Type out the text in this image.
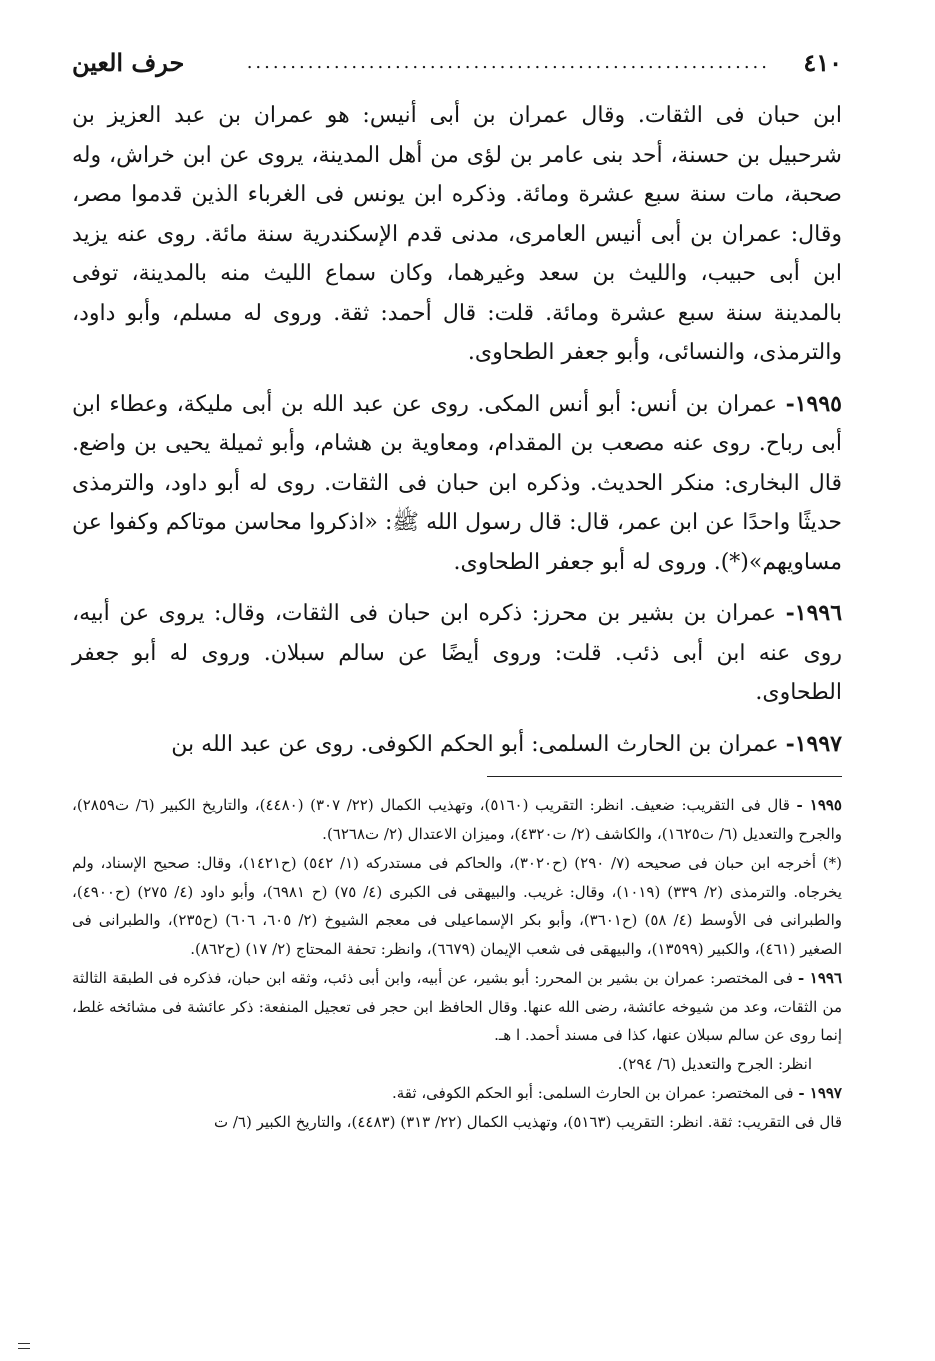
٤١٠
............................................................
حرف العين

ابن حبان فى الثقات. وقال عمران بن أبى أنيس: هو عمران بن عبد العزيز بن شرحبيل بن حسنة، أحد بنى عامر بن لؤى من أهل المدينة، يروى عن ابن خراش، وله صحبة، مات سنة سبع عشرة ومائة. وذكره ابن يونس فى الغرباء الذين قدموا مصر، وقال: عمران بن أبى أنيس العامرى، مدنى قدم الإسكندرية سنة مائة. روى عنه يزيد ابن أبى حبيب، والليث بن سعد وغيرهما، وكان سماع الليث منه بالمدينة، توفى بالمدينة سنة سبع عشرة ومائة. قلت: قال أحمد: ثقة. وروى له مسلم، وأبو داود، والترمذى، والنسائى، وأبو جعفر الطحاوى.

١٩٩٥- عمران بن أنس: أبو أنس المكى. روى عن عبد الله بن أبى مليكة، وعطاء ابن أبى رباح. روى عنه مصعب بن المقدام، ومعاوية بن هشام، وأبو ثميلة يحيى بن واضع. قال البخارى: منكر الحديث. وذكره ابن حبان فى الثقات. روى له أبو داود، والترمذى حديثًا واحدًا عن ابن عمر، قال: قال رسول الله ﷺ: «اذكروا محاسن موتاكم وكفوا عن مساويهم»(*). وروى له أبو جعفر الطحاوى.

١٩٩٦- عمران بن بشير بن محرز: ذكره ابن حبان فى الثقات، وقال: يروى عن أبيه، روى عنه ابن أبى ذئب. قلت: وروى أيضًا عن سالم سبلان. وروى له أبو جعفر الطحاوى.

١٩٩٧- عمران بن الحارث السلمى: أبو الحكم الكوفى. روى عن عبد الله بن

١٩٩٥ - قال فى التقريب: ضعيف. انظر: التقريب (٥١٦٠)، وتهذيب الكمال (٢٢/ ٣٠٧) (٤٤٨٠)، والتاريخ الكبير (٦/ ت٢٨٥٩)، والجرح والتعديل (٦/ ت١٦٢٥)، والكاشف (٢/ ت٤٣٢٠)، وميزان الاعتدال (٢/ ت٦٢٦٨).

(*) أخرجه ابن حبان فى صحيحه (٧/ ٢٩٠) (ح٣٠٢٠)، والحاكم فى مستدركه (١/ ٥٤٢) (ح١٤٢١)، وقال: صحيح الإسناد، ولم يخرجاه. والترمذى (٢/ ٣٣٩) (١٠١٩)، وقال: غريب. والبيهقى فى الكبرى (٤/ ٧٥) (ح ٦٩٨١)، وأبو داود (٤/ ٢٧٥) (ح٤٩٠٠)، والطبرانى فى الأوسط (٤/ ٥٨) (ح٣٦٠١)، وأبو بكر الإسماعيلى فى معجم الشيوخ (٢/ ٦٠٥، ٦٠٦) (ح٢٣٥)، والطبرانى فى الصغير (٤٦١)، والكبير (١٣٥٩٩)، والبيهقى فى شعب الإيمان (٦٦٧٩)، وانظر: تحفة المحتاج (٢/ ١٧) (ح٨٦٢).

١٩٩٦ - فى المختصر: عمران بن بشير بن المحرر: أبو بشير، عن أبيه، وابن أبى ذئب، وثقه ابن حبان، فذكره فى الطبقة الثالثة من الثقات، وعد من شيوخه عائشة، رضى الله عنها. وقال الحافظ ابن حجر فى تعجيل المنفعة: ذكر عائشة فى مشائخه غلط، إنما روى عن سالم سبلان عنها، كذا فى مسند أحمد. ا هـ.
انظر: الجرح والتعديل (٦/ ٢٩٤).

١٩٩٧ - فى المختصر: عمران بن الحارث السلمى: أبو الحكم الكوفى، ثقة.
قال فى التقريب: ثقة. انظر: التقريب (٥١٦٣)، وتهذيب الكمال (٢٢/ ٣١٣) (٤٤٨٣)، والتاريخ الكبير (٦/ ت
